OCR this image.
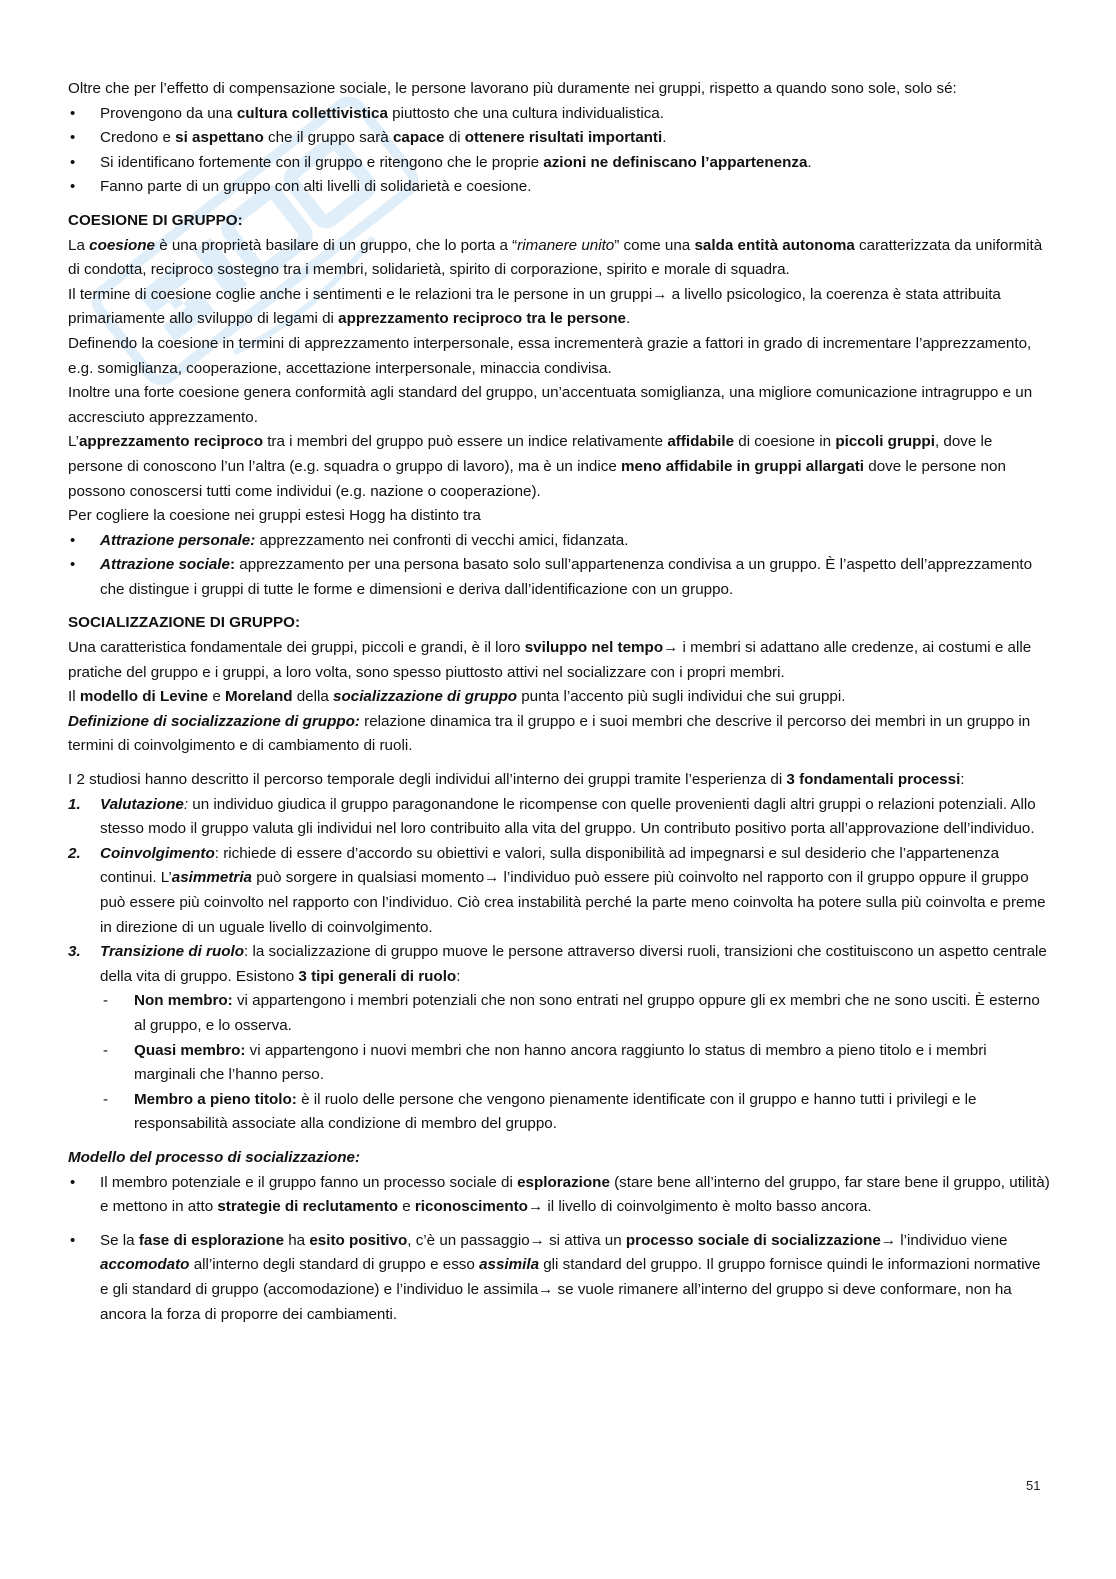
Oltre che per l’effetto di compensazione sociale, le persone lavorano più duramente nei gruppi, rispetto a quando sono sole, solo sé:

• Provengono da una cultura collettivistica piuttosto che una cultura individualistica.
• Credono e si aspettano che il gruppo sarà capace di ottenere risultati importanti.
• Si identificano fortemente con il gruppo e ritengono che le proprie azioni ne definiscano l’appartenenza.
• Fanno parte di un gruppo con alti livelli di solidarietà e coesione.

COESIONE DI GRUPPO:

La coesione è una proprietà basilare di un gruppo, che lo porta a “rimanere unito” come una salda entità autonoma caratterizzata da uniformità di condotta, reciproco sostegno tra i membri, solidarietà, spirito di corporazione, spirito e morale di squadra.

Il termine di coesione coglie anche i sentimenti e le relazioni tra le persone in un gruppi→ a livello psicologico, la coerenza è stata attribuita primariamente allo sviluppo di legami di apprezzamento reciproco tra le persone.

Definendo la coesione in termini di apprezzamento interpersonale, essa incrementerà grazie a fattori in grado di incrementare l’apprezzamento, e.g. somiglianza, cooperazione, accettazione interpersonale, minaccia condivisa.

Inoltre una forte coesione genera conformità agli standard del gruppo, un’accentuata somiglianza, una migliore comunicazione intragruppo e un accresciuto apprezzamento.

L’apprezzamento reciproco tra i membri del gruppo può essere un indice relativamente affidabile di coesione in piccoli gruppi, dove le persone di conoscono l’un l’altra (e.g. squadra o gruppo di lavoro), ma è un indice meno affidabile in gruppi allargati dove le persone non possono conoscersi tutti come individui (e.g. nazione o cooperazione).

Per cogliere la coesione nei gruppi estesi Hogg ha distinto tra

• Attrazione personale: apprezzamento nei confronti di vecchi amici, fidanzata.
• Attrazione sociale: apprezzamento per una persona basato solo sull’appartenenza condivisa a un gruppo. È l’aspetto dell’apprezzamento che distingue i gruppi di tutte le forme e dimensioni e deriva dall’identificazione con un gruppo.

SOCIALIZZAZIONE DI GRUPPO:

Una caratteristica fondamentale dei gruppi, piccoli e grandi, è il loro sviluppo nel tempo→ i membri si adattano alle credenze, ai costumi e alle pratiche del gruppo e i gruppi, a loro volta, sono spesso piuttosto attivi nel socializzare con i propri membri.

Il modello di Levine e Moreland della socializzazione di gruppo punta l’accento più sugli individui che sui gruppi.

Definizione di socializzazione di gruppo: relazione dinamica tra il gruppo e i suoi membri che descrive il percorso dei membri in un gruppo in termini di coinvolgimento e di cambiamento di ruoli.

I 2 studiosi hanno descritto il percorso temporale degli individui all’interno dei gruppi tramite l’esperienza di 3 fondamentali processi:

1. Valutazione: un individuo giudica il gruppo paragonandone le ricompense con quelle provenienti dagli altri gruppi o relazioni potenziali. Allo stesso modo il gruppo valuta gli individui nel loro contribuito alla vita del gruppo. Un contributo positivo porta all’approvazione dell’individuo.
2. Coinvolgimento: richiede di essere d’accordo su obiettivi e valori, sulla disponibilità ad impegnarsi e sul desiderio che l’appartenenza continui. L’asimmetria può sorgere in qualsiasi momento→ l’individuo può essere più coinvolto nel rapporto con il gruppo oppure il gruppo può essere più coinvolto nel rapporto con l’individuo. Ciò crea instabilità perché la parte meno coinvolta ha potere sulla più coinvolta e preme in direzione di un uguale livello di coinvolgimento.
3. Transizione di ruolo: la socializzazione di gruppo muove le persone attraverso diversi ruoli, transizioni che costituiscono un aspetto centrale della vita di gruppo. Esistono 3 tipi generali di ruolo:
- Non membro: vi appartengono i membri potenziali che non sono entrati nel gruppo oppure gli ex membri che ne sono usciti. È esterno al gruppo, e lo osserva.
- Quasi membro: vi appartengono i nuovi membri che non hanno ancora raggiunto lo status di membro a pieno titolo e i membri marginali che l’hanno perso.
- Membro a pieno titolo: è il ruolo delle persone che vengono pienamente identificate con il gruppo e hanno tutti i privilegi e le responsabilità associate alla condizione di membro del gruppo.

Modello del processo di socializzazione:

• Il membro potenziale e il gruppo fanno un processo sociale di esplorazione (stare bene all’interno del gruppo, far stare bene il gruppo, utilità) e mettono in atto strategie di reclutamento e riconoscimento→ il livello di coinvolgimento è molto basso ancora.
• Se la fase di esplorazione ha esito positivo, c’è un passaggio→ si attiva un processo sociale di socializzazione→ l’individuo viene accomodato all’interno degli standard di gruppo e esso assimila gli standard del gruppo. Il gruppo fornisce quindi le informazioni normative e gli standard di gruppo (accomodazione) e l’individuo le assimila→ se vuole rimanere all’interno del gruppo si deve conformare, non ha ancora la forza di proporre dei cambiamenti.
51
